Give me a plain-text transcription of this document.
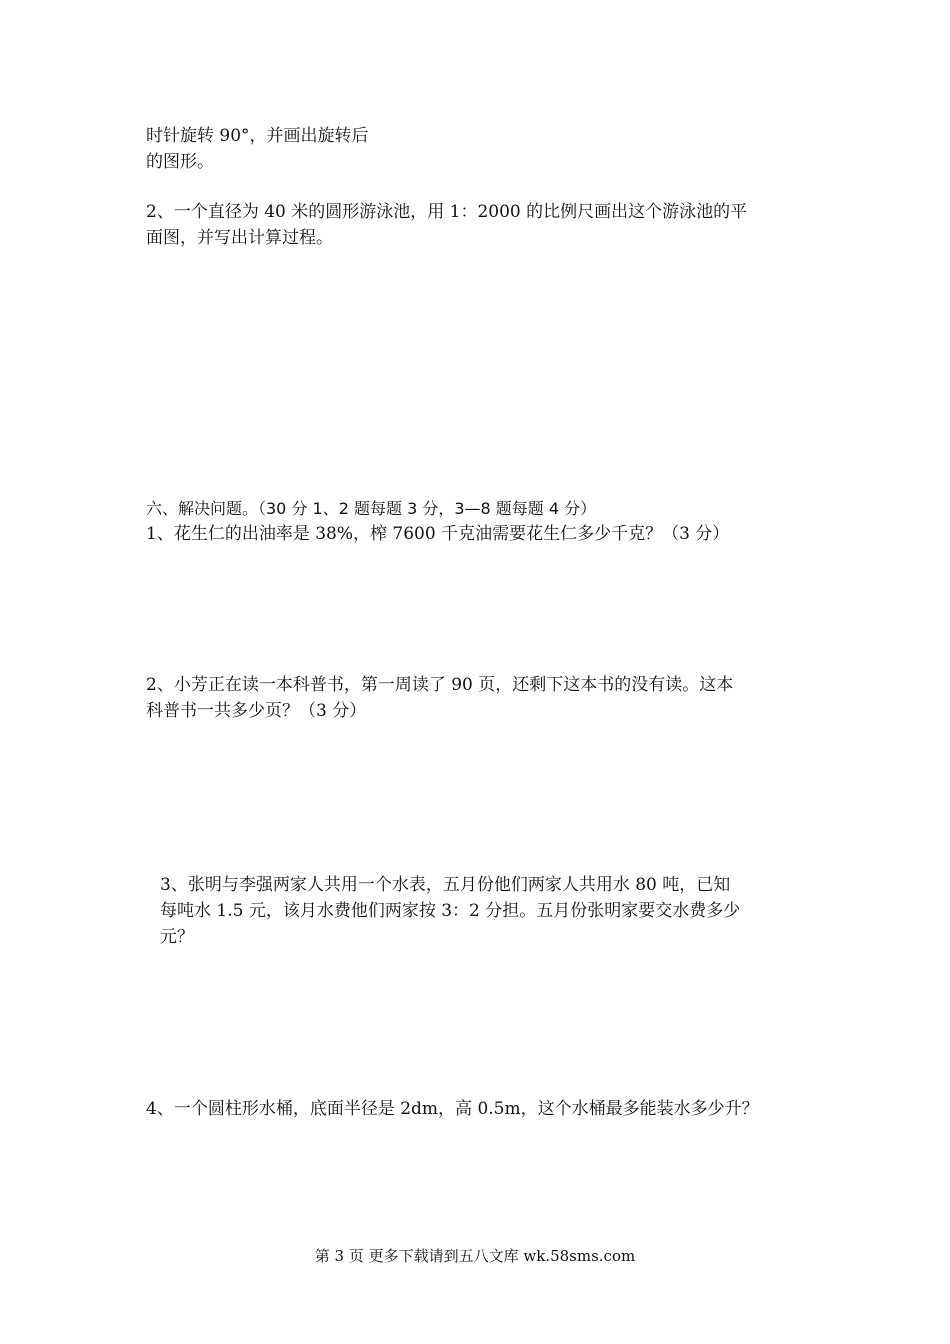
时针旋转 90°，并画出旋转后
的图形。
2、一个直径为 40 米的圆形游泳池，用 1：2000 的比例尺画出这个游泳池的平
面图，并写出计算过程。
六、解决问题。（30 分 1、2 题每题 3 分，3—8 题每题 4 分）
1、花生仁的出油率是 38%，榨 7600 千克油需要花生仁多少千克？（3 分）
2、小芳正在读一本科普书，第一周读了 90 页，还剩下这本书的没有读。这本
科普书一共多少页？（3 分）
3、张明与李强两家人共用一个水表，五月份他们两家人共用水 80 吨，已知
每吨水 1.5 元，该月水费他们两家按 3：2 分担。五月份张明家要交水费多少
元？
4、一个圆柱形水桶，底面半径是 2dm，高 0.5m，这个水桶最多能装水多少升？
第 3 页 更多下载请到五八文库 wk.58sms.com
